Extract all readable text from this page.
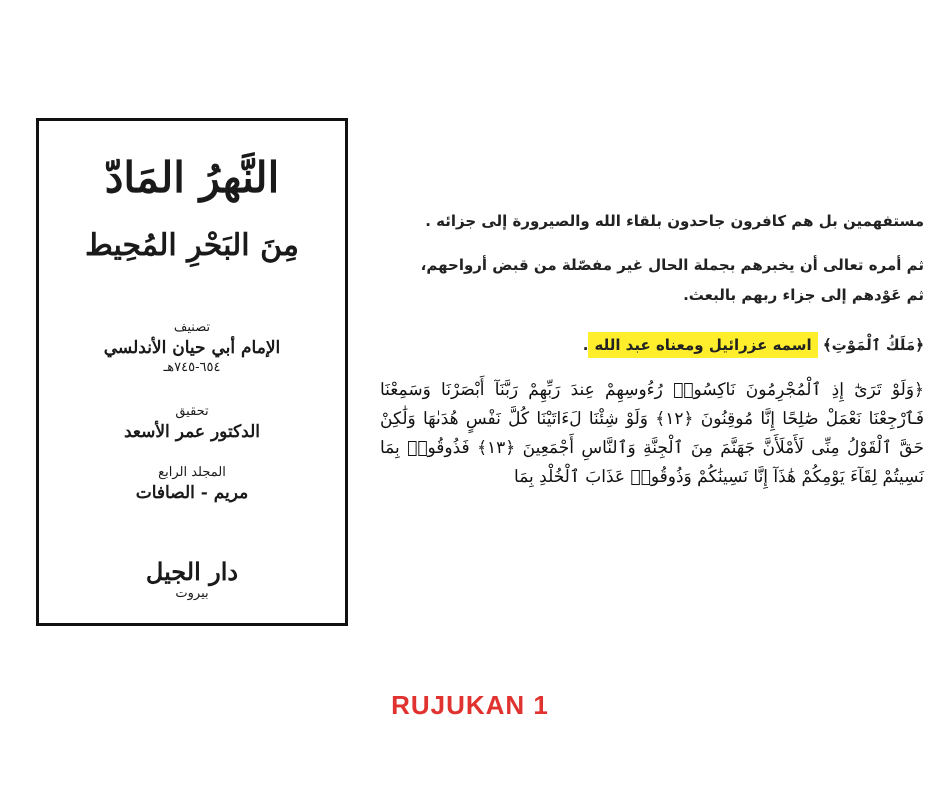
النَّهرُ المَادّ
مِنَ البَحْرِ المُحِيط
تصنيف
الإمام أبي حيان الأندلسي
٦٥٤-٧٤٥هـ
تحقيق
الدكتور عمر الأسعد
المجلد الرابع
مريم - الصافات
دار الجيل
بيروت
مستفهمين بل هم كافرون جاحدون بلقاء الله والصيرورة إلى جزائه .
ثم أمره تعالى أن يخبرهم بجملة الحال غير مفصّلة من قبض أرواحهم،
ثم عَوْدهم إلى جزاء ربهم بالبعث.
﴿مَلَكُ ٱلْمَوْتِ﴾ اسمه عزرائيل ومعناه عبد الله.
﴿وَلَوْ تَرَىٰٓ إِذِ ٱلْمُجْرِمُونَ نَاكِسُوا۟ رُءُوسِهِمْ عِندَ رَبِّهِمْ رَبَّنَآ أَبْصَرْنَا وَسَمِعْنَا فَٱرْجِعْنَا نَعْمَلْ صَٰلِحًا إِنَّا مُوقِنُونَ ﴿١٢﴾ وَلَوْ شِئْنَا لَءَاتَيْنَا كُلَّ نَفْسٍ هُدَىٰهَا وَلَٰكِنْ حَقَّ ٱلْقَوْلُ مِنِّى لَأَمْلَأَنَّ جَهَنَّمَ مِنَ ٱلْجِنَّةِ وَٱلنَّاسِ أَجْمَعِينَ ﴿١٣﴾ فَذُوقُوا۟ بِمَا نَسِيتُمْ لِقَآءَ يَوْمِكُمْ هَٰذَآ إِنَّا نَسِينَٰكُمْ وَذُوقُوا۟ عَذَابَ ٱلْخُلْدِ بِمَا
RUJUKAN 1
